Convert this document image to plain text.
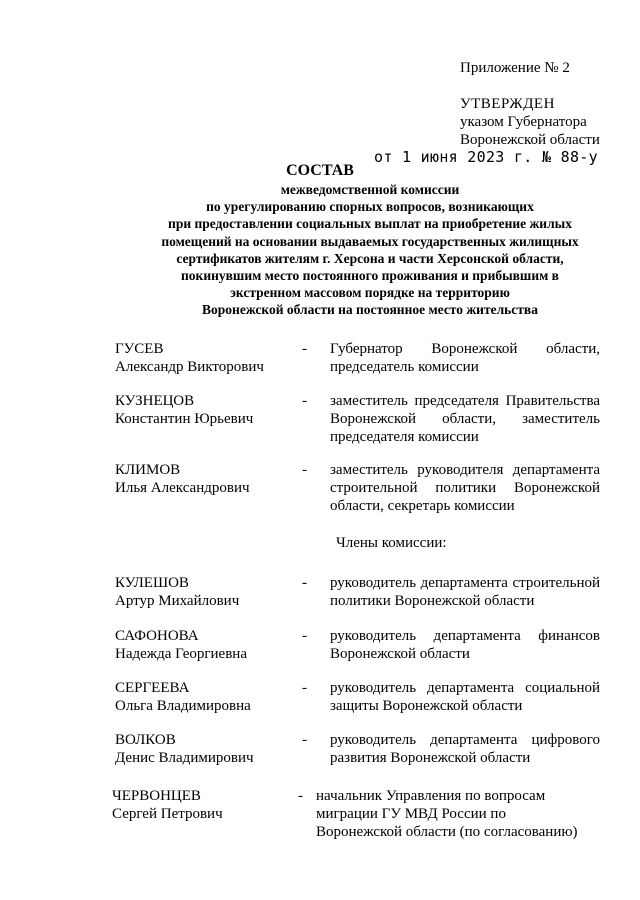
Приложение № 2
УТВЕРЖДЕН
указом Губернатора
Воронежской области
от 1 июня 2023 г. № 88-у
СОСТАВ
межведомственной комиссии
по урегулированию спорных вопросов, возникающих
при предоставлении социальных выплат на приобретение жилых
помещений на основании выдаваемых государственных жилищных
сертификатов жителям г. Херсона и части Херсонской области,
покинувшим место постоянного проживания и прибывшим в
экстренном массовом порядке на территорию
Воронежской области на постоянное место жительства
ГУСЕВ
Александр Викторович
- Губернатор Воронежской области,
председатель комиссии
КУЗНЕЦОВ
Константин Юрьевич
- заместитель председателя Правительства
Воронежской области, заместитель
председателя комиссии
КЛИМОВ
Илья Александрович
- заместитель руководителя департамента
строительной политики Воронежской
области, секретарь комиссии
Члены комиссии:
КУЛЕШОВ
Артур Михайлович
- руководитель департамента строительной
политики Воронежской области
САФОНОВА
Надежда Георгиевна
- руководитель департамента финансов
Воронежской области
СЕРГЕЕВА
Ольга Владимировна
- руководитель департамента социальной
защиты Воронежской области
ВОЛКОВ
Денис Владимирович
- руководитель департамента цифрового
развития Воронежской области
ЧЕРВОНЦЕВ
Сергей Петрович
- начальник Управления по вопросам
миграции ГУ МВД России по
Воронежской области (по согласованию)
